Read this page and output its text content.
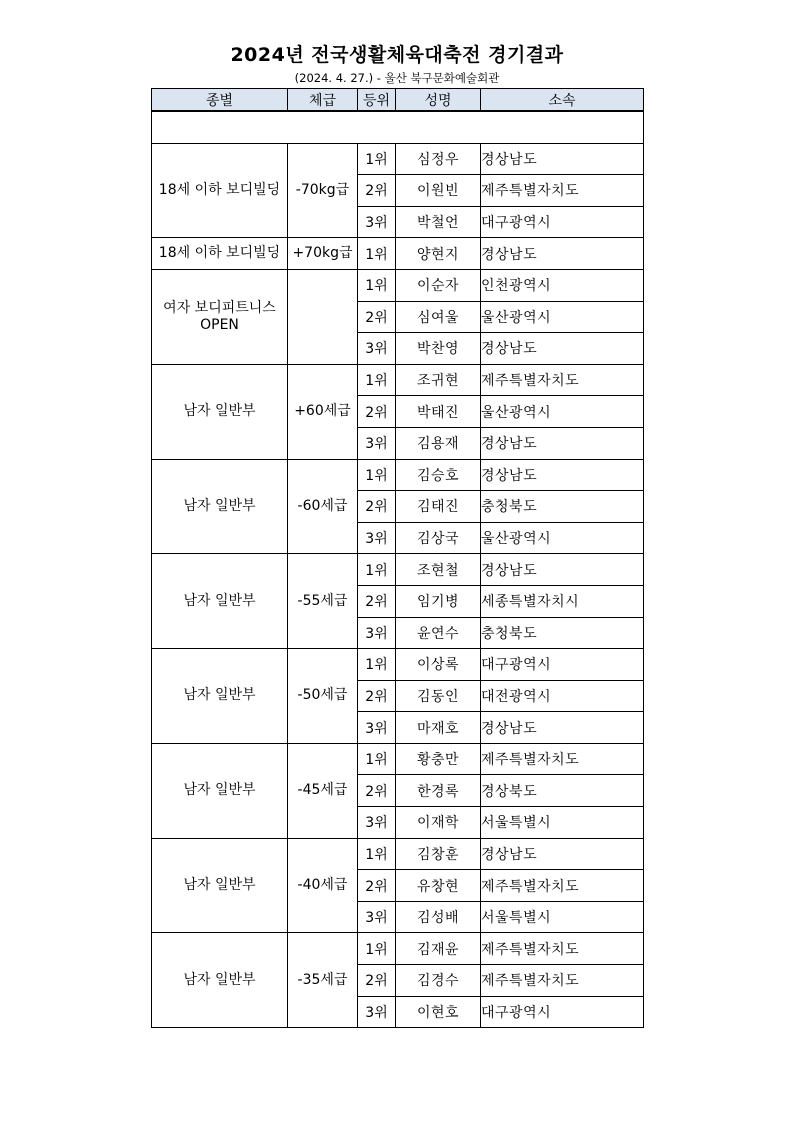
2024년 전국생활체육대축전 경기결과
(2024. 4. 27.) - 울산 북구문화예술회관
종별	체급	등위	성명	소속

18세 이하 보디빌딩	-70kg급	1위	심정우	경상남도
		2위	이원빈	제주특별자치도
		3위	박철언	대구광역시
18세 이하 보디빌딩	+70kg급	1위	양현지	경상남도
여자 보디피트니스 OPEN		1위	이순자	인천광역시
		2위	심여울	울산광역시
		3위	박찬영	경상남도
남자 일반부	+60세급	1위	조귀현	제주특별자치도
		2위	박태진	울산광역시
		3위	김용재	경상남도
남자 일반부	-60세급	1위	김승호	경상남도
		2위	김태진	충청북도
		3위	김상국	울산광역시
남자 일반부	-55세급	1위	조현철	경상남도
		2위	임기병	세종특별자치시
		3위	윤연수	충청북도
남자 일반부	-50세급	1위	이상록	대구광역시
		2위	김동인	대전광역시
		3위	마재호	경상남도
남자 일반부	-45세급	1위	황충만	제주특별자치도
		2위	한경록	경상북도
		3위	이재학	서울특별시
남자 일반부	-40세급	1위	김창훈	경상남도
		2위	유창현	제주특별자치도
		3위	김성배	서울특별시
남자 일반부	-35세급	1위	김재윤	제주특별자치도
		2위	김경수	제주특별자치도
		3위	이현호	대구광역시
